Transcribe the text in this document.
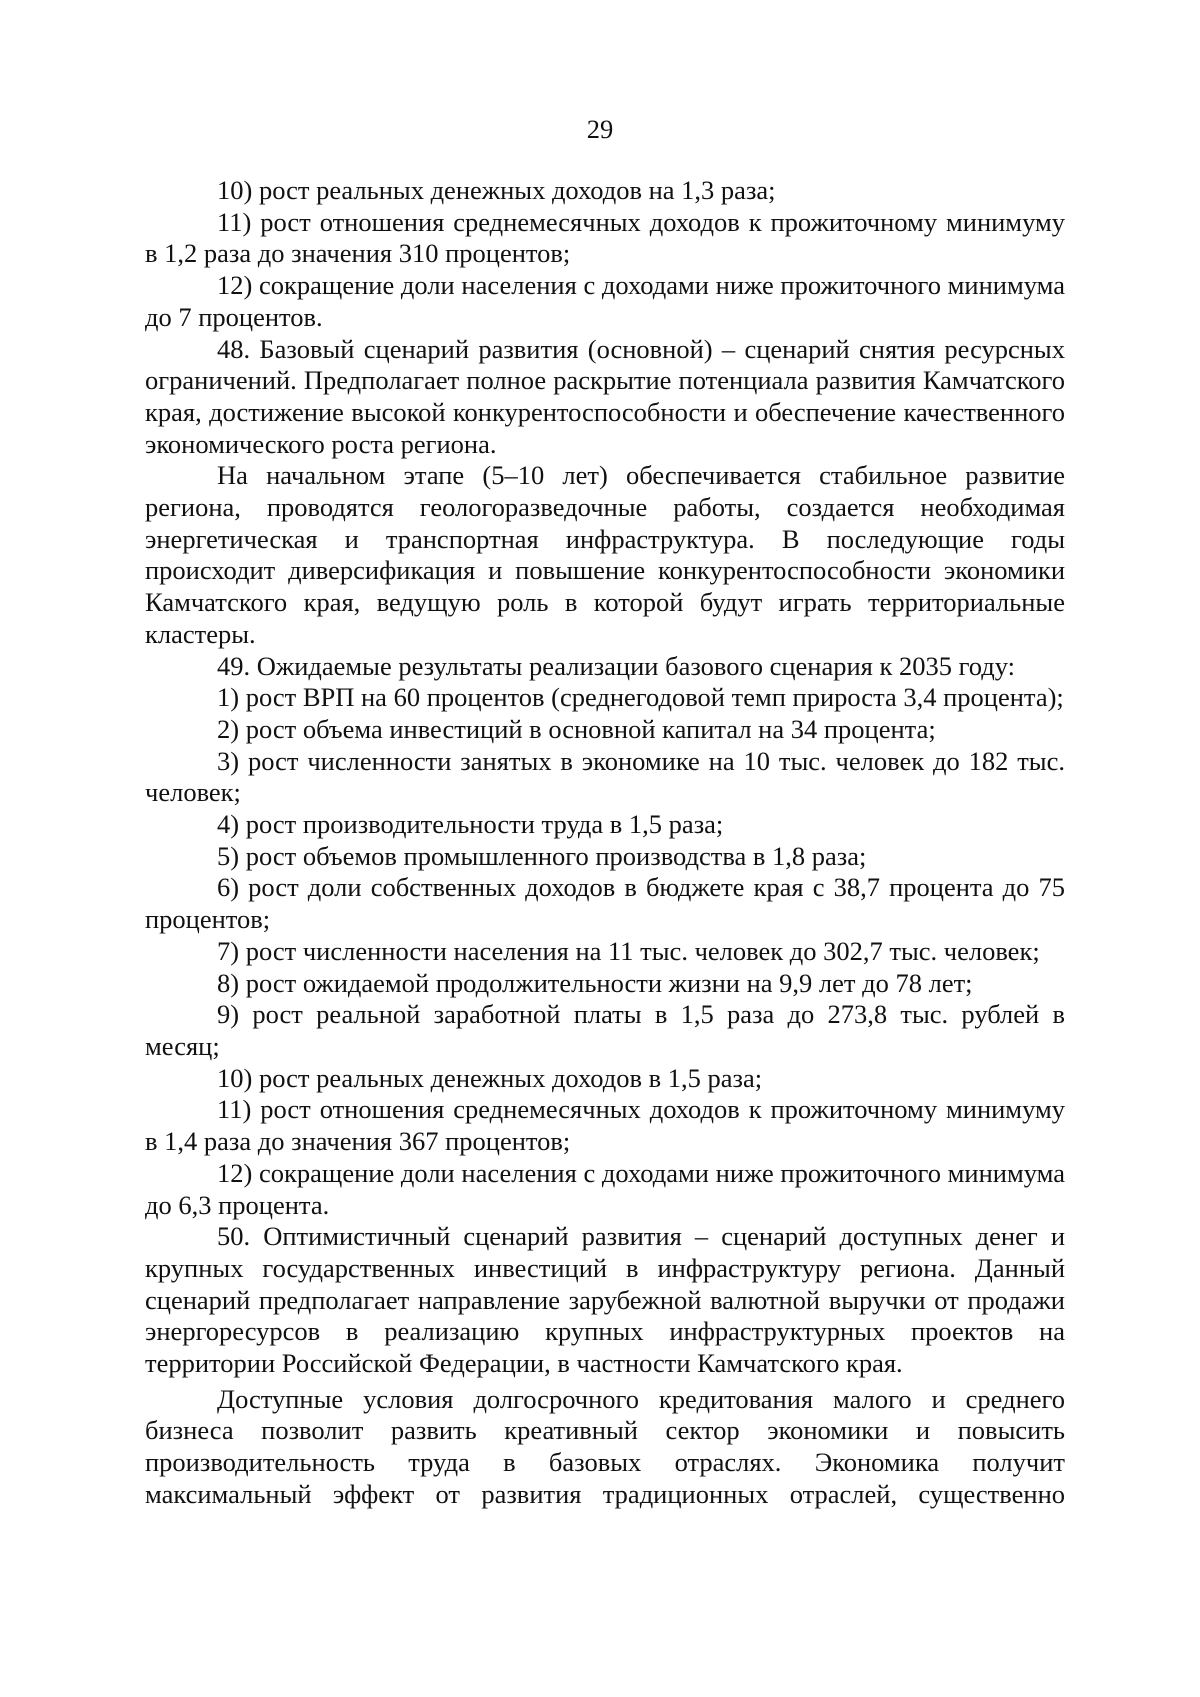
29

10) рост реальных денежных доходов на 1,3 раза;

11) рост отношения среднемесячных доходов к прожиточному минимуму в 1,2 раза до значения 310 процентов;

12) сокращение доли населения с доходами ниже прожиточного минимума до 7 процентов.

48. Базовый сценарий развития (основной) – сценарий снятия ресурсных ограничений. Предполагает полное раскрытие потенциала развития Камчатского края, достижение высокой конкурентоспособности и обеспечение качественного экономического роста региона.

На начальном этапе (5–10 лет) обеспечивается стабильное развитие региона, проводятся геологоразведочные работы, создается необходимая энергетическая и транспортная инфраструктура. В последующие годы происходит диверсификация и повышение конкурентоспособности экономики Камчатского края, ведущую роль в которой будут играть территориальные кластеры.

49. Ожидаемые результаты реализации базового сценария к 2035 году:

1) рост ВРП на 60 процентов (среднегодовой темп прироста 3,4 процента);

2) рост объема инвестиций в основной капитал на 34 процента;

3) рост численности занятых в экономике на 10 тыс. человек до 182 тыс. человек;

4) рост производительности труда в 1,5 раза;

5) рост объемов промышленного производства в 1,8 раза;

6) рост доли собственных доходов в бюджете края с 38,7 процента до 75 процентов;

7) рост численности населения на 11 тыс. человек до 302,7 тыс. человек;

8) рост ожидаемой продолжительности жизни на 9,9 лет до 78 лет;

9) рост реальной заработной платы в 1,5 раза до 273,8 тыс. рублей в месяц;

10) рост реальных денежных доходов в 1,5 раза;

11) рост отношения среднемесячных доходов к прожиточному минимуму в 1,4 раза до значения 367 процентов;

12) сокращение доли населения с доходами ниже прожиточного минимума до 6,3 процента.

50. Оптимистичный сценарий развития – сценарий доступных денег и крупных государственных инвестиций в инфраструктуру региона. Данный сценарий предполагает направление зарубежной валютной выручки от продажи энергоресурсов в реализацию крупных инфраструктурных проектов на территории Российской Федерации, в частности Камчатского края.

Доступные условия долгосрочного кредитования малого и среднего бизнеса позволит развить креативный сектор экономики и повысить производительность труда в базовых отраслях. Экономика получит максимальный эффект от развития традиционных отраслей, существенно
